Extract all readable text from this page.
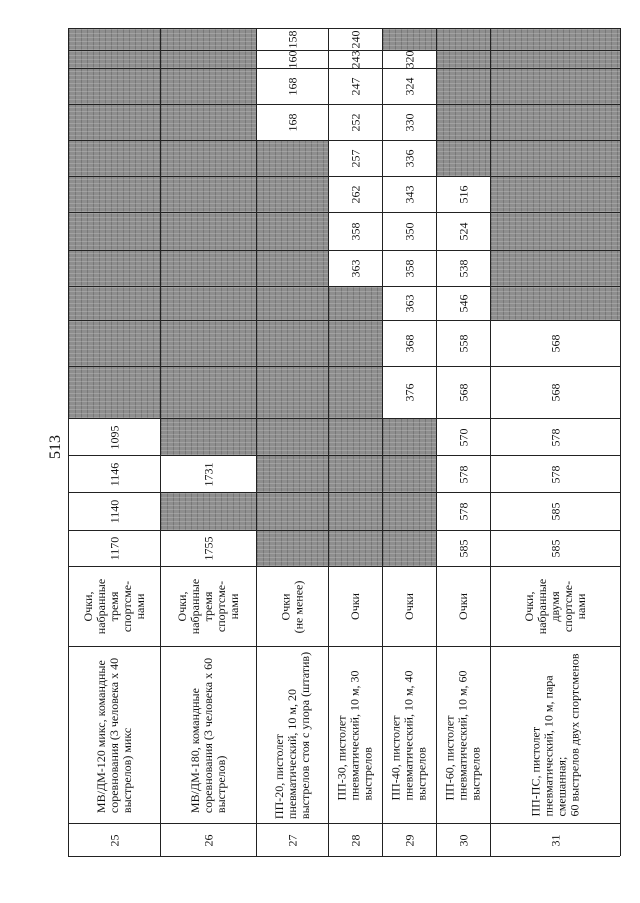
513
25
МВ/ДМ-120 микс, командные
соревнования (3 человека х 40
выстрелов) микс
Очки,
набранные
тремя
спортсме-
нами
1170
1140
1146
1095
26
МВ/ДМ-180, командные
соревнования (3 человека х 60
выстрелов)
Очки,
набранные
тремя
спортсме-
нами
1755
1731
27
ПП-20, пистолет
пневматический, 10 м, 20
выстрелов стоя с упора (штатив)
Очки
(не менее)
168
168
160
158
28
ПП-30, пистолет
пневматический, 10 м, 30
выстрелов
Очки
363
358
262
257
252
247
243
240
29
ПП-40, пистолет
пневматический, 10 м, 40
выстрелов
Очки
376
368
363
358
350
343
336
330
324
320
30
ПП-60, пистолет
пневматический, 10 м, 60
выстрелов
Очки
585
578
578
570
568
558
546
538
524
516
31
ПП-ПС, пистолет
пневматический, 10 м, пара
смешанная;
60 выстрелов двух спортсменов
Очки,
набранные
двумя
спортсме-
нами
585
585
578
578
568
568
